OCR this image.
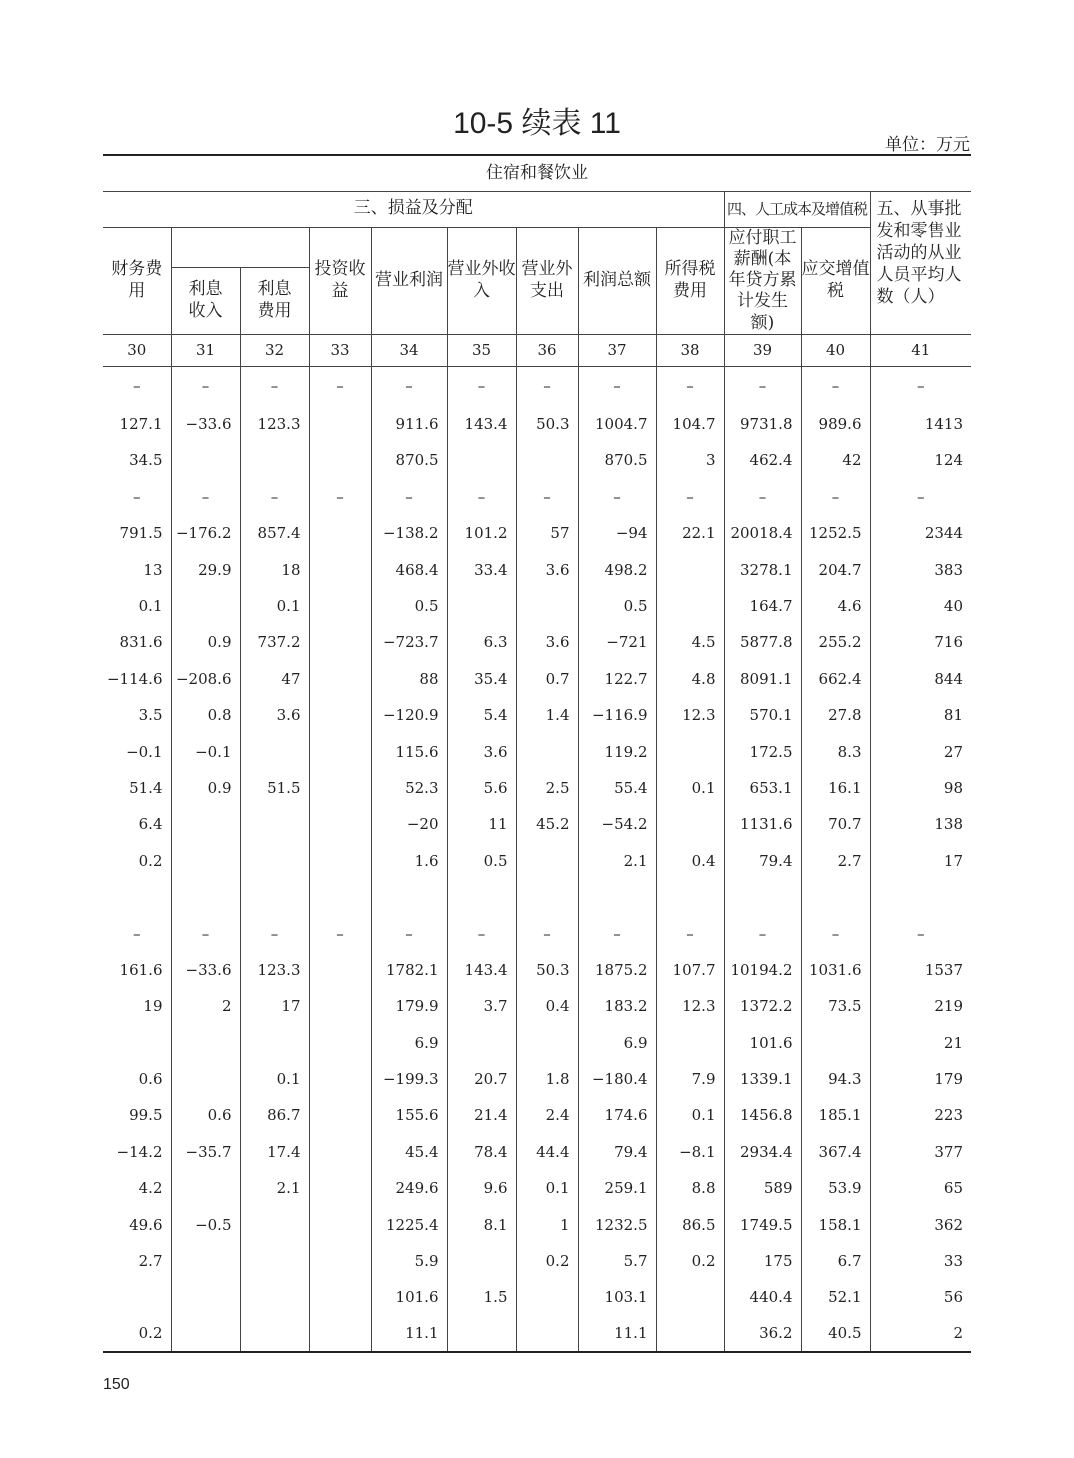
10-5 续表 11
单位：万元
住宿和餐饮业											
三、损益及分配									四、人工成本及增值税		五、从事批发和零售业活动的从业人员平均人数（人）
财务费用			投资收益	营业利润	营业外收入	营业外支出	利润总额	所得税费用	应付职工薪酬(本年贷方累计发生额)	应交增值税	
	利息收入	利息费用									
30	31	32	33	34	35	36	37	38	39	40	41
–	–	–	–	–	–	–	–	–	–	–	–
127.1	−33.6	123.3		911.6	143.4	50.3	1004.7	104.7	9731.8	989.6	1413
34.5				870.5			870.5	3	462.4	42	124
–	–	–	–	–	–	–	–	–	–	–	–
791.5	−176.2	857.4		−138.2	101.2	57	−94	22.1	20018.4	1252.5	2344
13	29.9	18		468.4	33.4	3.6	498.2		3278.1	204.7	383
0.1		0.1		0.5			0.5		164.7	4.6	40
831.6	0.9	737.2		−723.7	6.3	3.6	−721	4.5	5877.8	255.2	716
−114.6	−208.6	47		88	35.4	0.7	122.7	4.8	8091.1	662.4	844
3.5	0.8	3.6		−120.9	5.4	1.4	−116.9	12.3	570.1	27.8	81
−0.1	−0.1			115.6	3.6		119.2		172.5	8.3	27
51.4	0.9	51.5		52.3	5.6	2.5	55.4	0.1	653.1	16.1	98
6.4				−20	11	45.2	−54.2		1131.6	70.7	138
0.2				1.6	0.5		2.1	0.4	79.4	2.7	17

–	–	–	–	–	–	–	–	–	–	–	–
161.6	−33.6	123.3		1782.1	143.4	50.3	1875.2	107.7	10194.2	1031.6	1537
19	2	17		179.9	3.7	0.4	183.2	12.3	1372.2	73.5	219
				6.9			6.9		101.6		21
0.6		0.1		−199.3	20.7	1.8	−180.4	7.9	1339.1	94.3	179
99.5	0.6	86.7		155.6	21.4	2.4	174.6	0.1	1456.8	185.1	223
−14.2	−35.7	17.4		45.4	78.4	44.4	79.4	−8.1	2934.4	367.4	377
4.2		2.1		249.6	9.6	0.1	259.1	8.8	589	53.9	65
49.6	−0.5			1225.4	8.1	1	1232.5	86.5	1749.5	158.1	362
2.7				5.9		0.2	5.7	0.2	175	6.7	33
				101.6	1.5		103.1		440.4	52.1	56
0.2				11.1			11.1		36.2	40.5	2
150
